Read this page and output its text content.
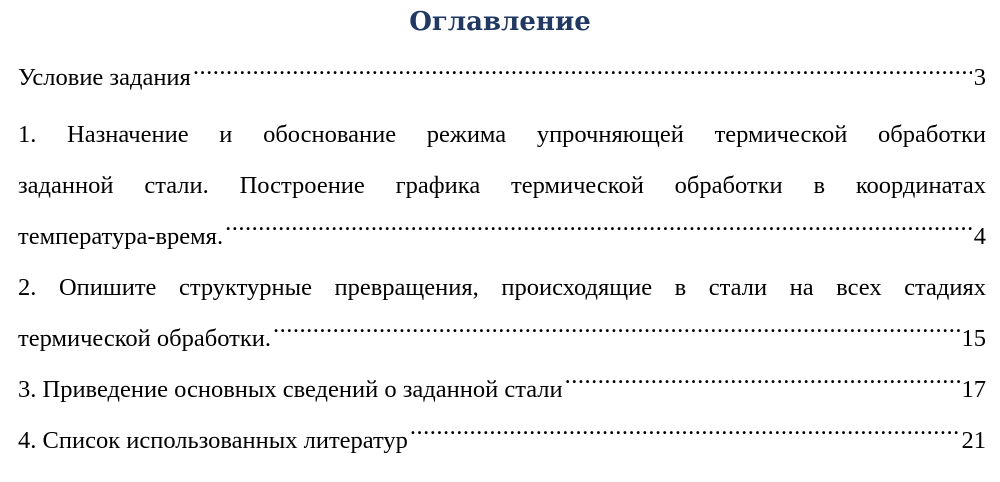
Оглавление
Условие задания .....	3
1. Назначение и обоснование режима упрочняющей термической обработки
заданной стали. Построение графика термической обработки в координатах
температура-время. .....	4
2. Опишите структурные превращения, происходящие в стали на всех стадиях
термической обработки. .....	15
3. Приведение основных сведений о заданной стали .....	17
4. Список использованных литератур .....	21
